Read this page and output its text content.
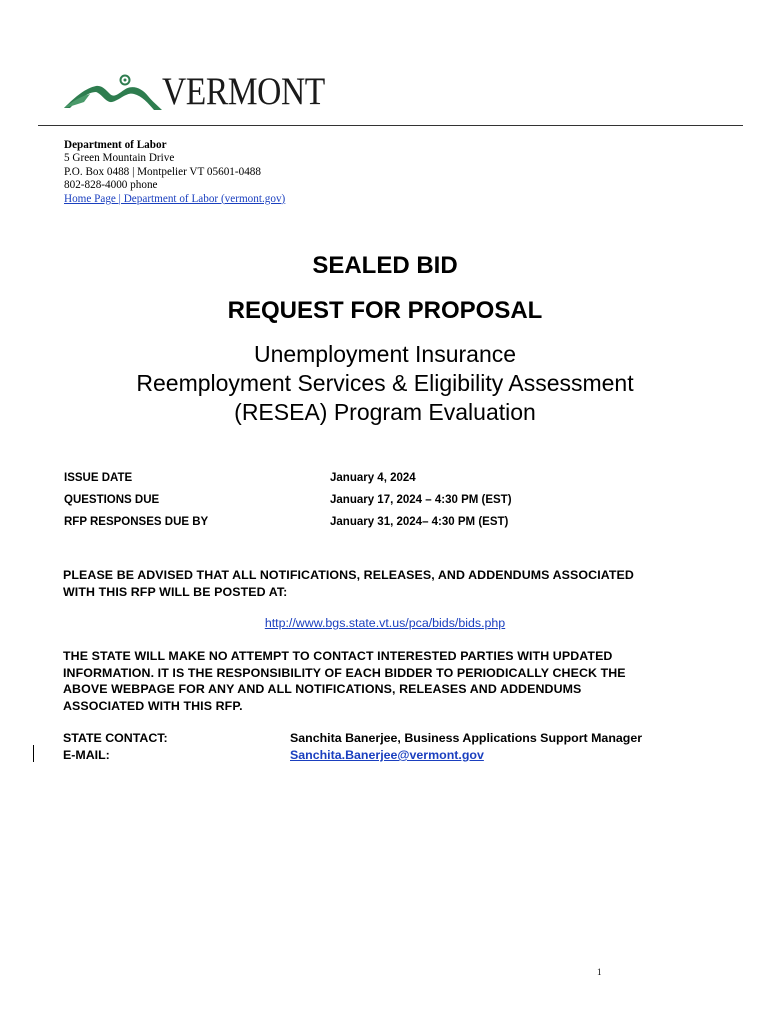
VERMONT
Department of Labor
5 Green Mountain Drive
P.O. Box 0488 | Montpelier VT 05601-0488
802-828-4000 phone
Home Page | Department of Labor (vermont.gov)
SEALED BID
REQUEST FOR PROPOSAL
Unemployment Insurance
Reemployment Services & Eligibility Assessment
(RESEA) Program Evaluation
ISSUE DATE	January 4, 2024
QUESTIONS DUE	January 17, 2024 – 4:30 PM (EST)
RFP RESPONSES DUE BY	January 31, 2024– 4:30 PM (EST)
PLEASE BE ADVISED THAT ALL NOTIFICATIONS, RELEASES, AND ADDENDUMS ASSOCIATED
WITH THIS RFP WILL BE POSTED AT:
http://www.bgs.state.vt.us/pca/bids/bids.php
THE STATE WILL MAKE NO ATTEMPT TO CONTACT INTERESTED PARTIES WITH UPDATED
INFORMATION. IT IS THE RESPONSIBILITY OF EACH BIDDER TO PERIODICALLY CHECK THE
ABOVE WEBPAGE FOR ANY AND ALL NOTIFICATIONS, RELEASES AND ADDENDUMS
ASSOCIATED WITH THIS RFP.
STATE CONTACT:	Sanchita Banerjee, Business Applications Support Manager
E-MAIL:	Sanchita.Banerjee@vermont.gov
1
